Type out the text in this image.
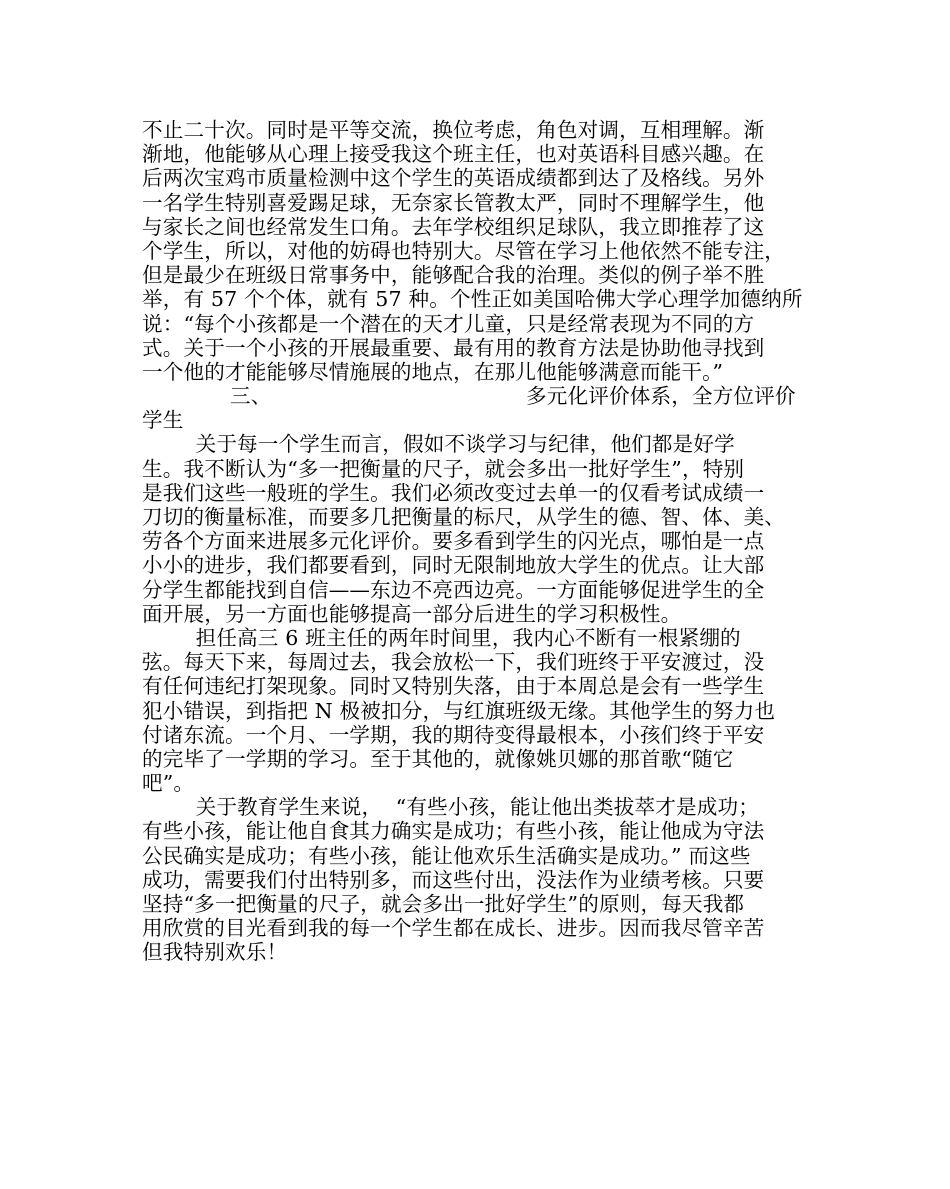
不止二十次。同时是平等交流，换位考虑，角色对调，互相理解。渐
渐地，他能够从心理上接受我这个班主任，也对英语科目感兴趣。在
后两次宝鸡市质量检测中这个学生的英语成绩都到达了及格线。另外
一名学生特别喜爱踢足球，无奈家长管教太严，同时不理解学生，他
与家长之间也经常发生口角。去年学校组织足球队，我立即推荐了这
个学生，所以，对他的妨碍也特别大。尽管在学习上他依然不能专注，
但是最少在班级日常事务中，能够配合我的治理。类似的例子举不胜
举，有 57 个个体，就有 57 种。个性正如美国哈佛大学心理学加德纳所
说：“每个小孩都是一个潜在的天才儿童，只是经常表现为不同的方
式。关于一个小孩的开展最重要、最有用的教育方法是协助他寻找到
一个他的才能能够尽情施展的地点，在那儿他能够满意而能干。”

三、

	多元化评价体系，全方位评价

学生
关于每一个学生而言，假如不谈学习与纪律，他们都是好学
生。我不断认为“多一把衡量的尺子，就会多出一批好学生”，特别
是我们这些一般班的学生。我们必须改变过去单一的仅看考试成绩一
刀切的衡量标准，而要多几把衡量的标尺，从学生的德、智、体、美、
劳各个方面来进展多元化评价。要多看到学生的闪光点，哪怕是一点
小小的进步，我们都要看到，同时无限制地放大学生的优点。让大部
分学生都能找到自信——东边不亮西边亮。一方面能够促进学生的全
面开展，另一方面也能够提高一部分后进生的学习积极性。
担任高三 6 班主任的两年时间里，我内心不断有一根紧绷的
弦。每天下来，每周过去，我会放松一下，我们班终于平安渡过，没
有任何违纪打架现象。同时又特别失落，由于本周总是会有一些学生
犯小错误，到指把 N 极被扣分，与红旗班级无缘。其他学生的努力也
付诸东流。一个月、一学期，我的期待变得最根本，小孩们终于平安
的完毕了一学期的学习。至于其他的，就像姚贝娜的那首歌“随它
吧”。
关于教育学生来说，  “有些小孩，能让他出类拔萃才是成功；
有些小孩，能让他自食其力确实是成功；有些小孩，能让他成为守法
公民确实是成功；有些小孩，能让他欢乐生活确实是成功。” 而这些
成功，需要我们付出特别多，而这些付出，没法作为业绩考核。只要
坚持“多一把衡量的尺子，就会多出一批好学生”的原则，每天我都
用欣赏的目光看到我的每一个学生都在成长、进步。因而我尽管辛苦
但我特别欢乐！
